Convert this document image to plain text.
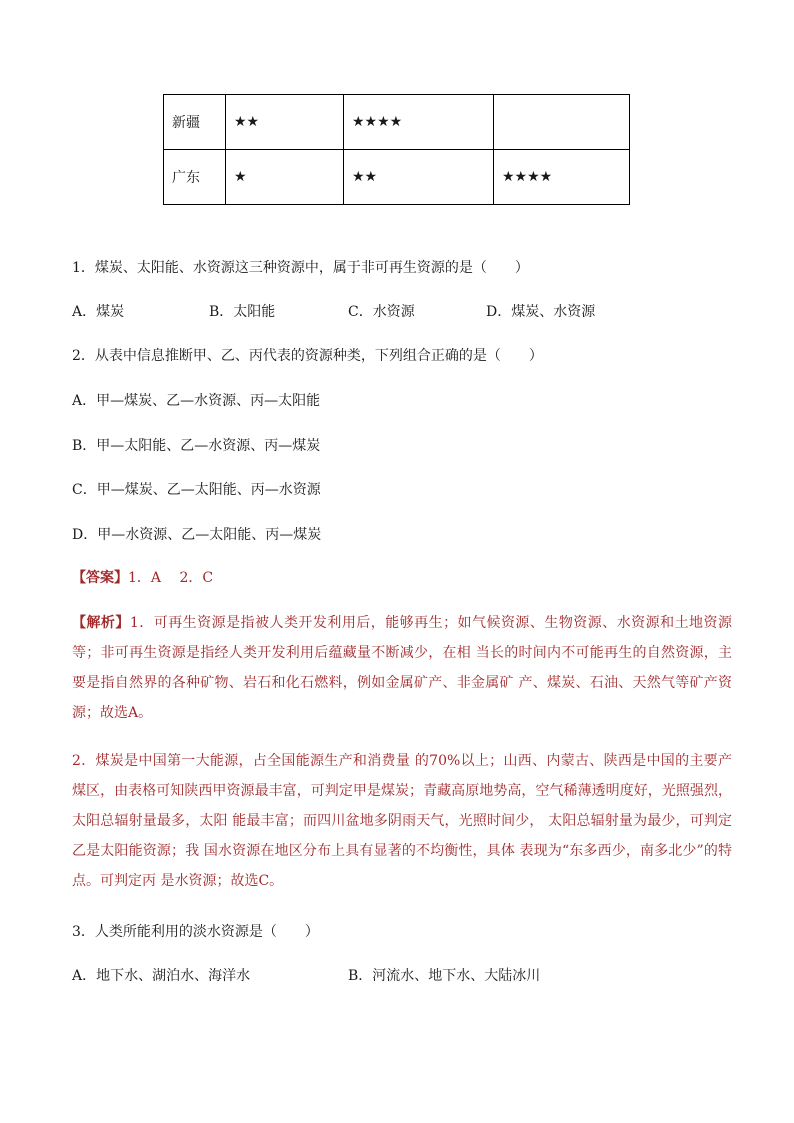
新疆	★★	★★★★	
广东	★	★★	★★★★
1．煤炭、太阳能、水资源这三种资源中，属于非可再生资源的是（　　）
A．煤炭	B．太阳能	C．水资源	D．煤炭、水资源
2．从表中信息推断甲、乙、丙代表的资源种类，下列组合正确的是（　　）
A．甲—煤炭、乙—水资源、丙—太阳能
B．甲—太阳能、乙—水资源、丙—煤炭
C．甲—煤炭、乙—太阳能、丙—水资源
D．甲—水资源、乙—太阳能、丙—煤炭
【答案】1．A　 2．C
【解析】1．可再生资源是指被人类开发利用后，能够再生；如气候资源、生物资源、水资源和土地资源等；非可再生资源是指经人类开发利用后蕴藏量不断减少，在相 当长的时间内不可能再生的自然资源，主要是指自然界的各种矿物、岩石和化石燃料，例如金属矿产、非金属矿 产、煤炭、石油、天然气等矿产资源；故选A。
2．煤炭是中国第一大能源，占全国能源生产和消费量 的70%以上；山西、内蒙古、陕西是中国的主要产煤区，由表格可知陕西甲资源最丰富，可判定甲是煤炭；青藏高原地势高，空气稀薄透明度好，光照强烈，太阳总辐射量最多，太阳 能最丰富；而四川盆地多阴雨天气，光照时间少， 太阳总辐射量为最少，可判定乙是太阳能资源；我 国水资源在地区分布上具有显著的不均衡性，具体 表现为“东多西少，南多北少”的特点。可判定丙 是水资源；故选C。
3．人类所能利用的淡水资源是（　　）
A．地下水、湖泊水、海洋水	B．河流水、地下水、大陆冰川
